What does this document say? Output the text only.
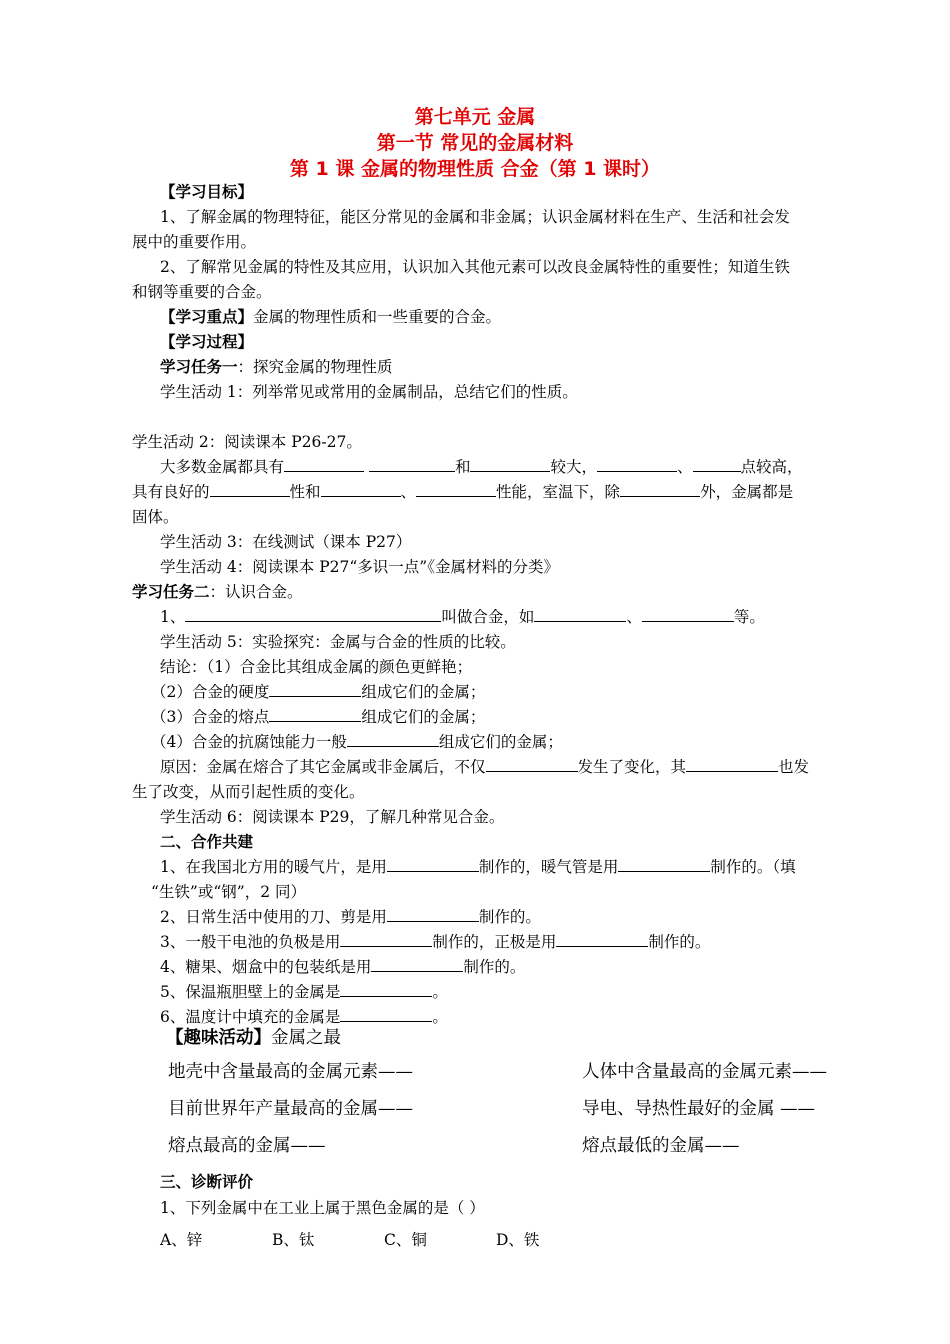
第七单元 金属
第一节 常见的金属材料
第 1 课 金属的物理性质 合金（第 1 课时）
【学习目标】
1、了解金属的物理特征，能区分常见的金属和非金属；认识金属材料在生产、生活和社会发
展中的重要作用。
2、了解常见金属的特性及其应用，认识加入其他元素可以改良金属特性的重要性；知道生铁
和钢等重要的合金。
【学习重点】金属的物理性质和一些重要的合金。
【学习过程】
学习任务一：探究金属的物理性质
学生活动 1：列举常见或常用的金属制品，总结它们的性质。
学生活动 2：阅读课本 P26-27。
大多数金属都具有	和	较大，	、	点较高，
具有良好的	性和	、	性能，室温下，除	外，金属都是
固体。
学生活动 3：在线测试（课本 P27）
学生活动 4：阅读课本 P27“多识一点”《金属材料的分类》
学习任务二：认识合金。
1、	叫做合金，如	、	等。
学生活动 5：实验探究：金属与合金的性质的比较。
结论：（1）合金比其组成金属的颜色更鲜艳；
（2）合金的硬度	组成它们的金属；
（3）合金的熔点	组成它们的金属；
（4）合金的抗腐蚀能力一般	组成它们的金属；
原因：金属在熔合了其它金属或非金属后，不仅	发生了变化，其	也发
生了改变，从而引起性质的变化。
学生活动 6：阅读课本 P29，了解几种常见合金。
二、合作共建
1、在我国北方用的暖气片，是用	制作的，暖气管是用	制作的。（填
“生铁”或“钢”，2 同）
2、日常生活中使用的刀、剪是用	制作的。
3、一般干电池的负极是用	制作的，正极是用	制作的。
4、糖果、烟盒中的包装纸是用	制作的。
5、保温瓶胆壁上的金属是	。
6、温度计中填充的金属是	。
【趣味活动】金属之最
地壳中含量最高的金属元素——	人体中含量最高的金属元素——
目前世界年产量最高的金属——	导电、导热性最好的金属 ——
熔点最高的金属——	熔点最低的金属——
三、诊断评价
1、下列金属中在工业上属于黑色金属的是（ ）
A、锌	B、钛	C、铜	D、铁
